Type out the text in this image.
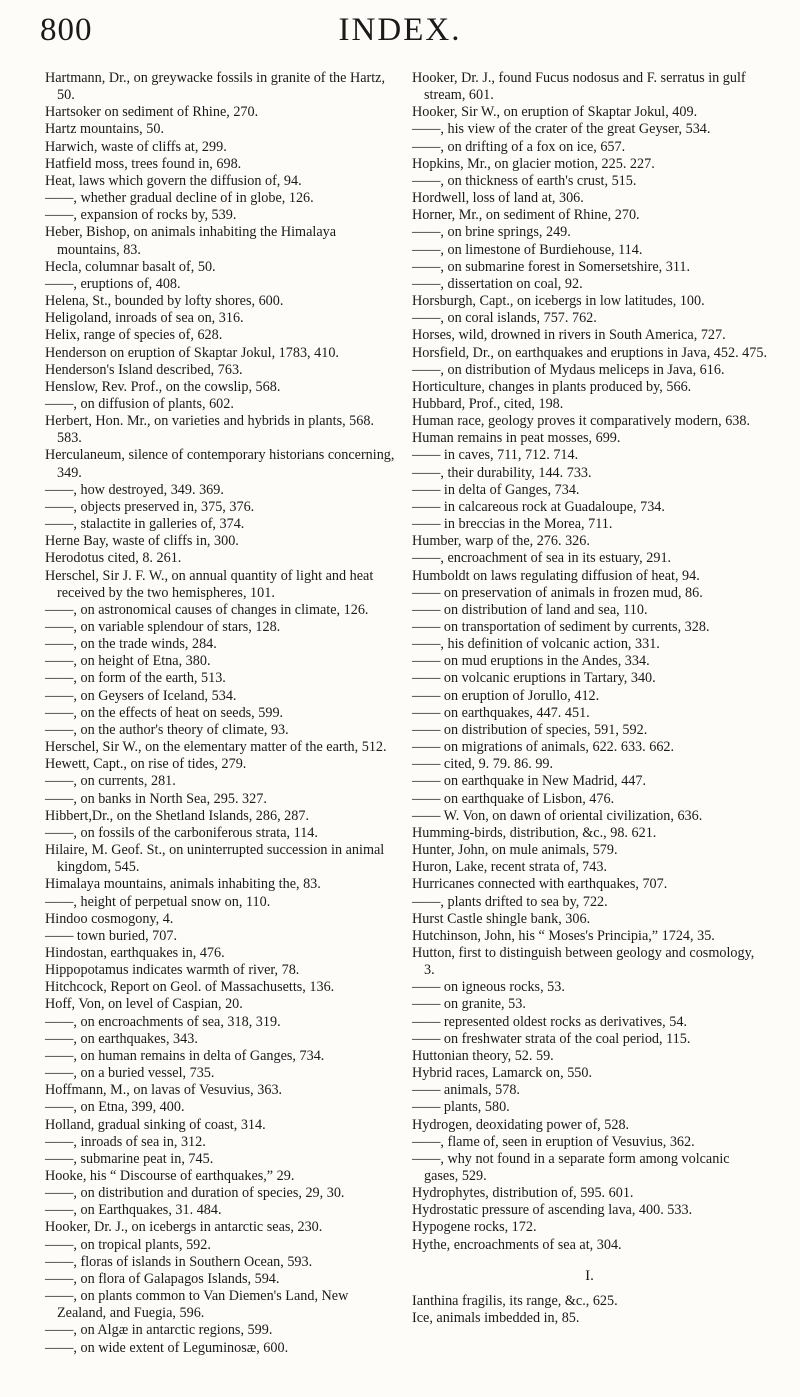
800	INDEX.

Hartmann, Dr., on greywacke fossils in granite of the Hartz, 50.

Hartsoker on sediment of Rhine, 270.

Hartz mountains, 50.

Harwich, waste of cliffs at, 299.

Hatfield moss, trees found in, 698.

Heat, laws which govern the diffusion of, 94.

——, whether gradual decline of in globe, 126.

——, expansion of rocks by, 539.

Heber, Bishop, on animals inhabiting the Himalaya mountains, 83.

Hecla, columnar basalt of, 50.

——, eruptions of, 408.

Helena, St., bounded by lofty shores, 600.

Heligoland, inroads of sea on, 316.

Helix, range of species of, 628.

Henderson on eruption of Skaptar Jokul, 1783, 410.

Henderson's Island described, 763.

Henslow, Rev. Prof., on the cowslip, 568.

——, on diffusion of plants, 602.

Herbert, Hon. Mr., on varieties and hybrids in plants, 568. 583.

Herculaneum, silence of contemporary historians concerning, 349.

——, how destroyed, 349. 369.

——, objects preserved in, 375, 376.

——, stalactite in galleries of, 374.

Herne Bay, waste of cliffs in, 300.

Herodotus cited, 8. 261.

Herschel, Sir J. F. W., on annual quantity of light and heat received by the two hemispheres, 101.

——, on astronomical causes of changes in climate, 126.

——, on variable splendour of stars, 128.

——, on the trade winds, 284.

——, on height of Etna, 380.

——, on form of the earth, 513.

——, on Geysers of Iceland, 534.

——, on the effects of heat on seeds, 599.

——, on the author's theory of climate, 93.

Herschel, Sir W., on the elementary matter of the earth, 512.

Hewett, Capt., on rise of tides, 279.

——, on currents, 281.

——, on banks in North Sea, 295. 327.

Hibbert,Dr., on the Shetland Islands, 286, 287.

——, on fossils of the carboniferous strata, 114.

Hilaire, M. Geof. St., on uninterrupted succession in animal kingdom, 545.

Himalaya mountains, animals inhabiting the, 83.

——, height of perpetual snow on, 110.

Hindoo cosmogony, 4.

—— town buried, 707.

Hindostan, earthquakes in, 476.

Hippopotamus indicates warmth of river, 78.

Hitchcock, Report on Geol. of Massachusetts, 136.

Hoff, Von, on level of Caspian, 20.

——, on encroachments of sea, 318, 319.

——, on earthquakes, 343.

——, on human remains in delta of Ganges, 734.

——, on a buried vessel, 735.

Hoffmann, M., on lavas of Vesuvius, 363.

——, on Etna, 399, 400.

Holland, gradual sinking of coast, 314.

——, inroads of sea in, 312.

——, submarine peat in, 745.

Hooke, his “ Discourse of earthquakes,” 29.

——, on distribution and duration of species, 29, 30.

——, on Earthquakes, 31. 484.

Hooker, Dr. J., on icebergs in antarctic seas, 230.

——, on tropical plants, 592.

——, floras of islands in Southern Ocean, 593.

——, on flora of Galapagos Islands, 594.

——, on plants common to Van Diemen's Land, New Zealand, and Fuegia, 596.

——, on Algæ in antarctic regions, 599.

——, on wide extent of Leguminosæ, 600.

Hooker, Dr. J., found Fucus nodosus and F. serratus in gulf stream, 601.

Hooker, Sir W., on eruption of Skaptar Jokul, 409.

——, his view of the crater of the great Geyser, 534.

——, on drifting of a fox on ice, 657.

Hopkins, Mr., on glacier motion, 225. 227.

——, on thickness of earth's crust, 515.

Hordwell, loss of land at, 306.

Horner, Mr., on sediment of Rhine, 270.

——, on brine springs, 249.

——, on limestone of Burdiehouse, 114.

——, on submarine forest in Somersetshire, 311.

——, dissertation on coal, 92.

Horsburgh, Capt., on icebergs in low latitudes, 100.

——, on coral islands, 757. 762.

Horses, wild, drowned in rivers in South America, 727.

Horsfield, Dr., on earthquakes and eruptions in Java, 452. 475.

——, on distribution of Mydaus meliceps in Java, 616.

Horticulture, changes in plants produced by, 566.

Hubbard, Prof., cited, 198.

Human race, geology proves it comparatively modern, 638.

Human remains in peat mosses, 699.

—— in caves, 711, 712. 714.

——, their durability, 144. 733.

—— in delta of Ganges, 734.

—— in calcareous rock at Guadaloupe, 734.

—— in breccias in the Morea, 711.

Humber, warp of the, 276. 326.

——, encroachment of sea in its estuary, 291.

Humboldt on laws regulating diffusion of heat, 94.

—— on preservation of animals in frozen mud, 86.

—— on distribution of land and sea, 110.

—— on transportation of sediment by currents, 328.

——, his definition of volcanic action, 331.

—— on mud eruptions in the Andes, 334.

—— on volcanic eruptions in Tartary, 340.

—— on eruption of Jorullo, 412.

—— on earthquakes, 447. 451.

—— on distribution of species, 591, 592.

—— on migrations of animals, 622. 633. 662.

—— cited, 9. 79. 86. 99.

—— on earthquake in New Madrid, 447.

—— on earthquake of Lisbon, 476.

—— W. Von, on dawn of oriental civilization, 636.

Humming-birds, distribution, &c., 98. 621.

Hunter, John, on mule animals, 579.

Huron, Lake, recent strata of, 743.

Hurricanes connected with earthquakes, 707.

——, plants drifted to sea by, 722.

Hurst Castle shingle bank, 306.

Hutchinson, John, his “ Moses's Principia,” 1724, 35.

Hutton, first to distinguish between geology and cosmology, 3.

—— on igneous rocks, 53.

—— on granite, 53.

—— represented oldest rocks as derivatives, 54.

—— on freshwater strata of the coal period, 115.

Huttonian theory, 52. 59.

Hybrid races, Lamarck on, 550.

—— animals, 578.

—— plants, 580.

Hydrogen, deoxidating power of, 528.

——, flame of, seen in eruption of Vesuvius, 362.

——, why not found in a separate form among volcanic gases, 529.

Hydrophytes, distribution of, 595. 601.

Hydrostatic pressure of ascending lava, 400. 533.

Hypogene rocks, 172.

Hythe, encroachments of sea at, 304.

I.

Ianthina fragilis, its range, &c., 625.

Ice, animals imbedded in, 85.
